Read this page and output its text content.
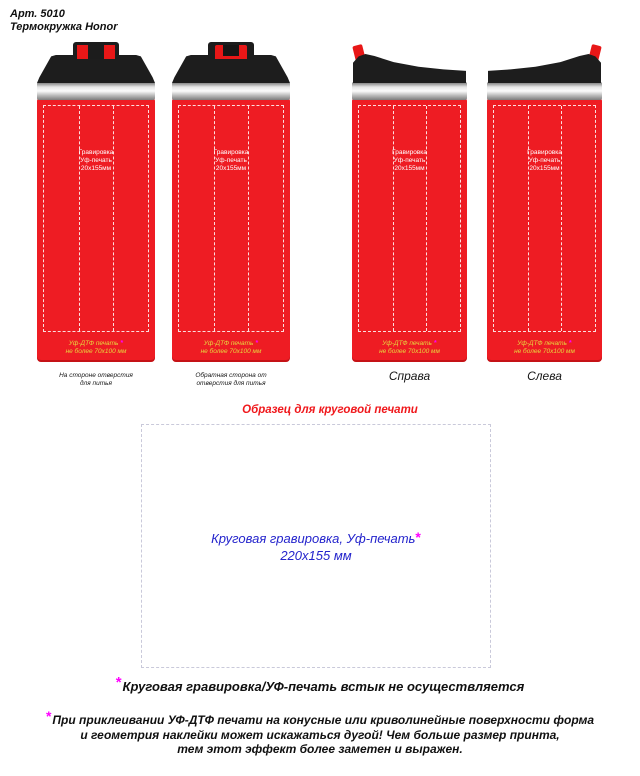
Арт. 5010
Термокружка Honor
Гравировка
Уф-печать
20х155мм
Уф-ДТФ печать *
не более 70х100 мм
Гравировка
Уф-печать
20х155мм
Уф-ДТФ печать *
не более 70х100 мм
Гравировка
Уф-печать
20х155мм
Уф-ДТФ печать *
не более 70х100 мм
Гравировка
Уф-печать
20х155мм
Уф-ДТФ печать *
не более 70х100 мм
На стороне отверстия
для питья
Обратная сторона от
отверстия для питья
Справа	Слева
Образец для круговой печати
Круговая гравировка, Уф-печать*
220х155 мм
*Круговая гравировка/УФ-печать встык не осуществляется
*При приклеивании УФ-ДТФ печати на конусные или криволинейные поверхности форма
и геометрия наклейки может искажаться дугой! Чем больше размер принта,
тем этот эффект более заметен и выражен.
